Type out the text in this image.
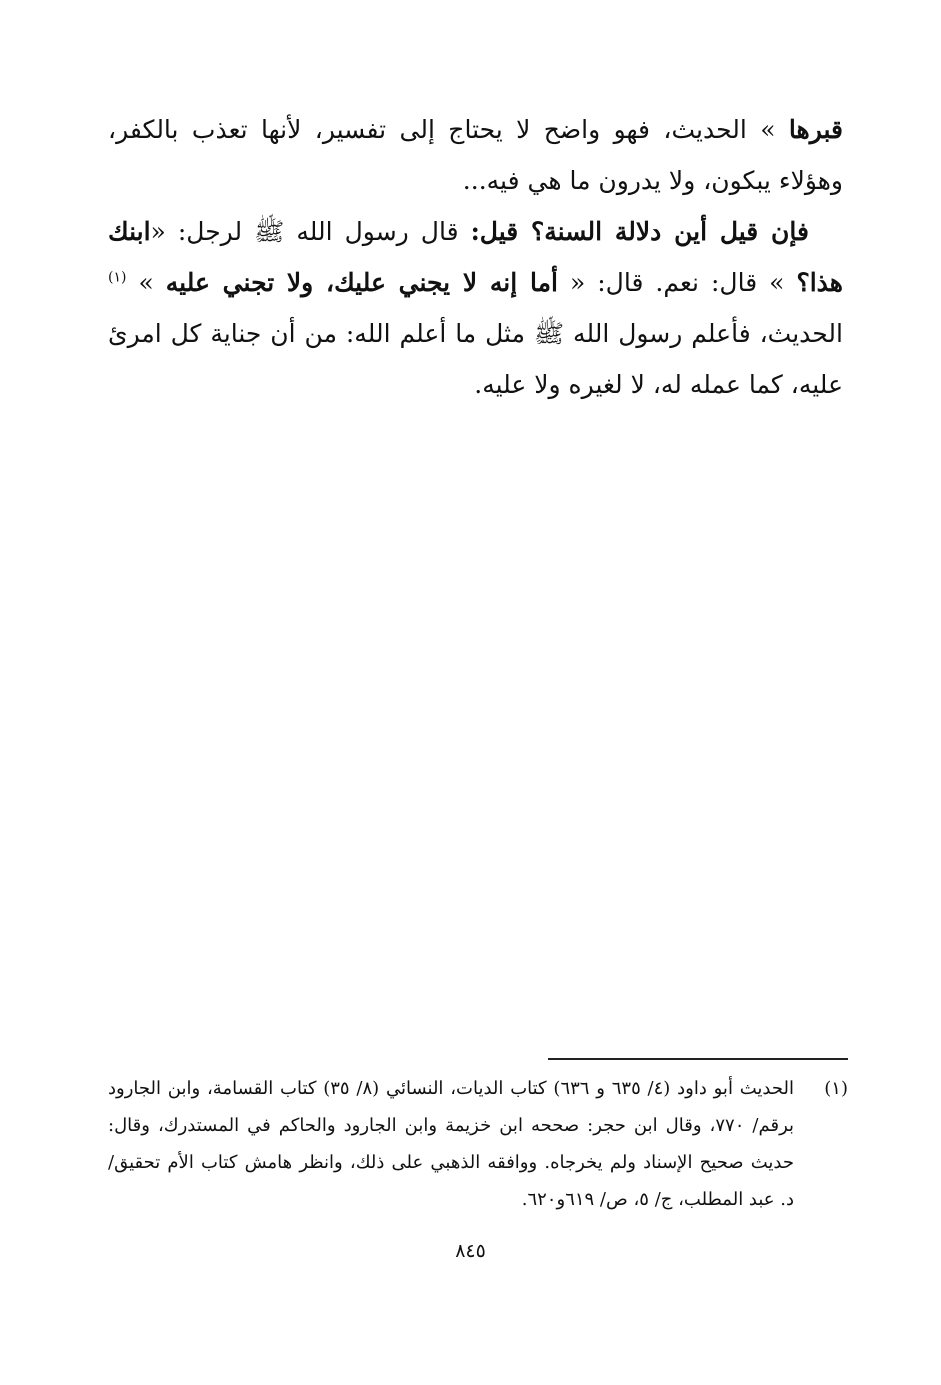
قبرها » الحديث، فهو واضح لا يحتاج إلى تفسير، لأنها تعذب بالكفر، وهؤلاء يبكون، ولا يدرون ما هي فيه...

فإن قيل أين دلالة السنة؟ قيل: قال رسول الله ﷺ لرجل: «ابنك هذا؟ » قال: نعم. قال: « أما إنه لا يجني عليك، ولا تجني عليه » $^{(١)}$ الحديث، فأعلم رسول الله ﷺ مثل ما أعلم الله: من أن جناية كل امرئ عليه، كما عمله له، لا لغيره ولا عليه.

(١)
الحديث أبو داود (٤/ ٦٣٥ و ٦٣٦) كتاب الديات، النسائي (٨/ ٣٥) كتاب القسامة، وابن الجارود برقم/ ٧٧٠، وقال ابن حجر: صححه ابن خزيمة وابن الجارود والحاكم في المستدرك، وقال: حديث صحيح الإسناد ولم يخرجاه. ووافقه الذهبي على ذلك، وانظر هامش كتاب الأم تحقيق/ د. عبد المطلب، ج/ ٥، ص/ ٦١٩و٦٢٠.
٨٤٥
